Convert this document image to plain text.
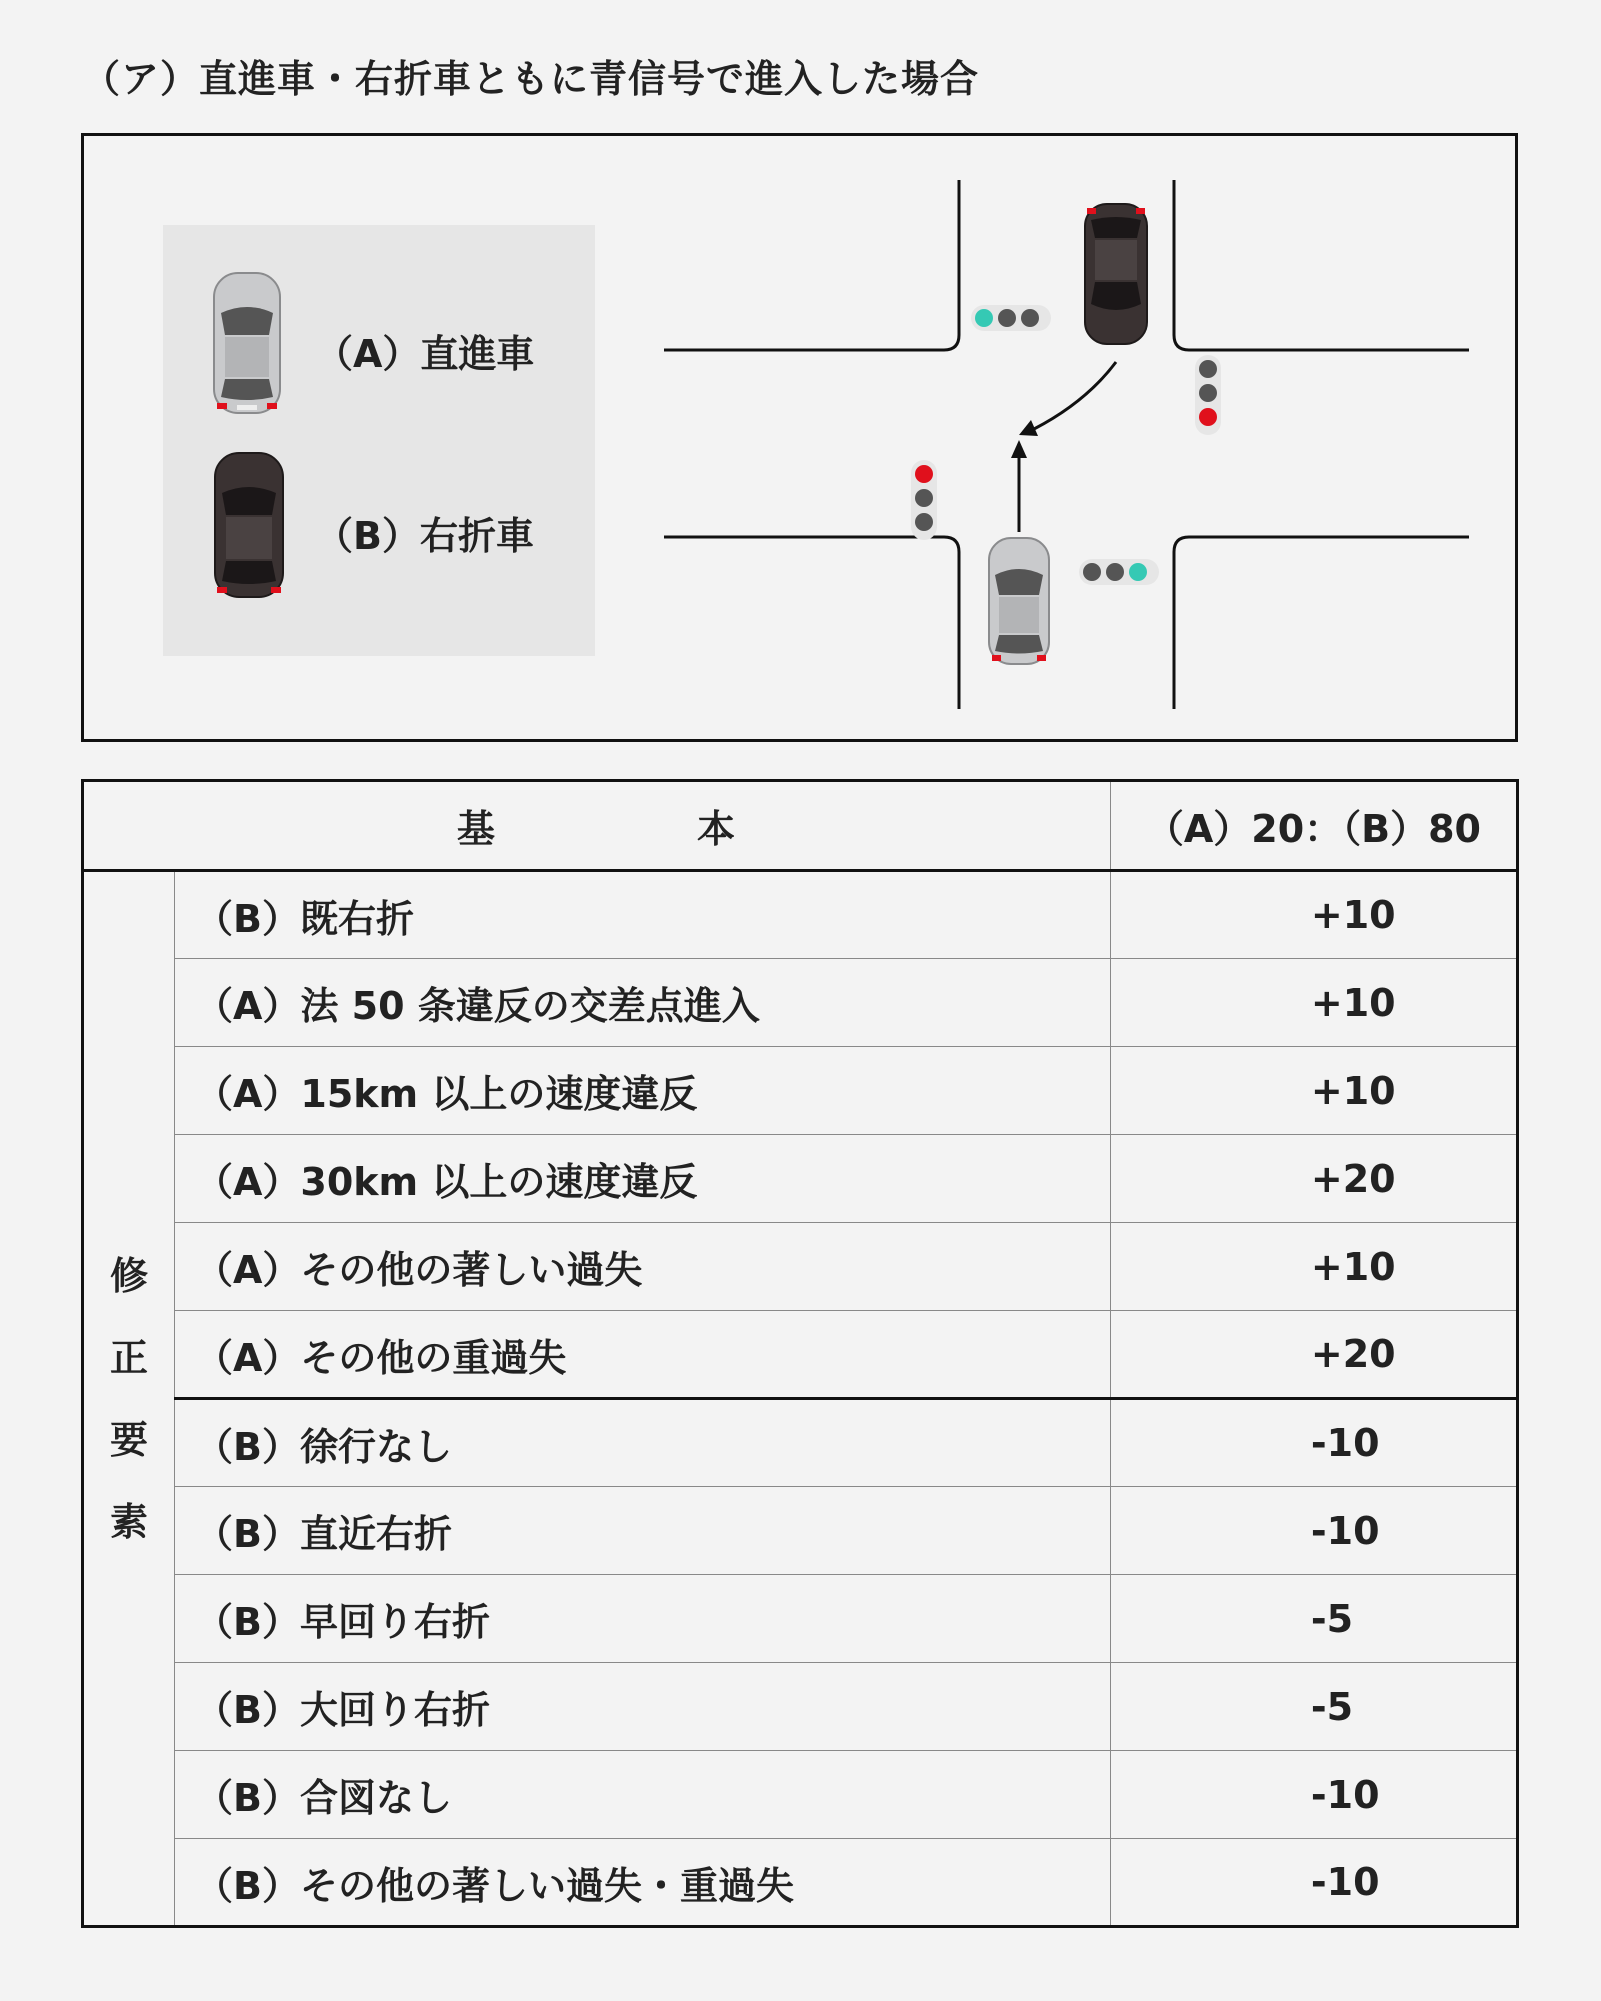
（ア）直進車・右折車ともに青信号で進入した場合
（A）直進車
（B）右折車
基 本		（A）20：（B）80

修
正
要
素	（B）既右折	+10
	（A）法 50 条違反の交差点進入	+10
	（A）15km 以上の速度違反	+10
	（A）30km 以上の速度違反	+20
	（A）その他の著しい過失	+10
	（A）その他の重過失	+20
	（B）徐行なし	-10
	（B）直近右折	-10
	（B）早回り右折	-5
	（B）大回り右折	-5
	（B）合図なし	-10
	（B）その他の著しい過失・重過失	-10
